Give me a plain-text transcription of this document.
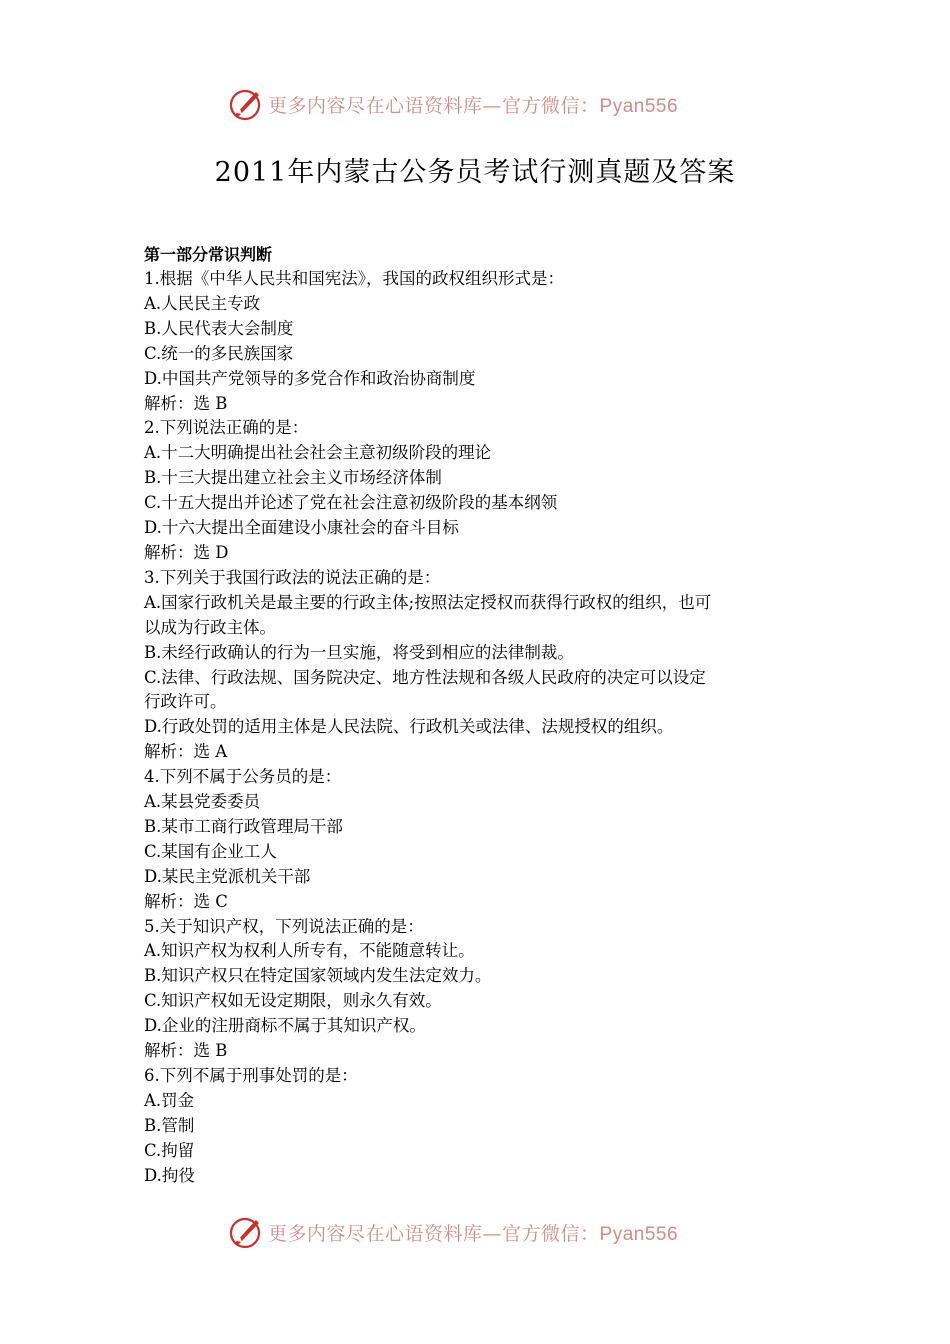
更多内容尽在心语资料库—官方微信：Pyan556
2011年内蒙古公务员考试行测真题及答案
第一部分常识判断
1.根据《中华人民共和国宪法》，我国的政权组织形式是：
A.人民民主专政
B.人民代表大会制度
C.统一的多民族国家
D.中国共产党领导的多党合作和政治协商制度
解析：选 B
2.下列说法正确的是：
A.十二大明确提出社会社会主意初级阶段的理论
B.十三大提出建立社会主义市场经济体制
C.十五大提出并论述了党在社会注意初级阶段的基本纲领
D.十六大提出全面建设小康社会的奋斗目标
解析：选 D
3.下列关于我国行政法的说法正确的是：
A.国家行政机关是最主要的行政主体;按照法定授权而获得行政权的组织，也可
以成为行政主体。
B.未经行政确认的行为一旦实施，将受到相应的法律制裁。
C.法律、行政法规、国务院决定、地方性法规和各级人民政府的决定可以设定
行政许可。
D.行政处罚的适用主体是人民法院、行政机关或法律、法规授权的组织。
解析：选 A
4.下列不属于公务员的是：
A.某县党委委员
B.某市工商行政管理局干部
C.某国有企业工人
D.某民主党派机关干部
解析：选 C
5.关于知识产权，下列说法正确的是：
A.知识产权为权利人所专有，不能随意转让。
B.知识产权只在特定国家领域内发生法定效力。
C.知识产权如无设定期限，则永久有效。
D.企业的注册商标不属于其知识产权。
解析：选 B
6.下列不属于刑事处罚的是：
A.罚金
B.管制
C.拘留
D.拘役
更多内容尽在心语资料库—官方微信：Pyan556
